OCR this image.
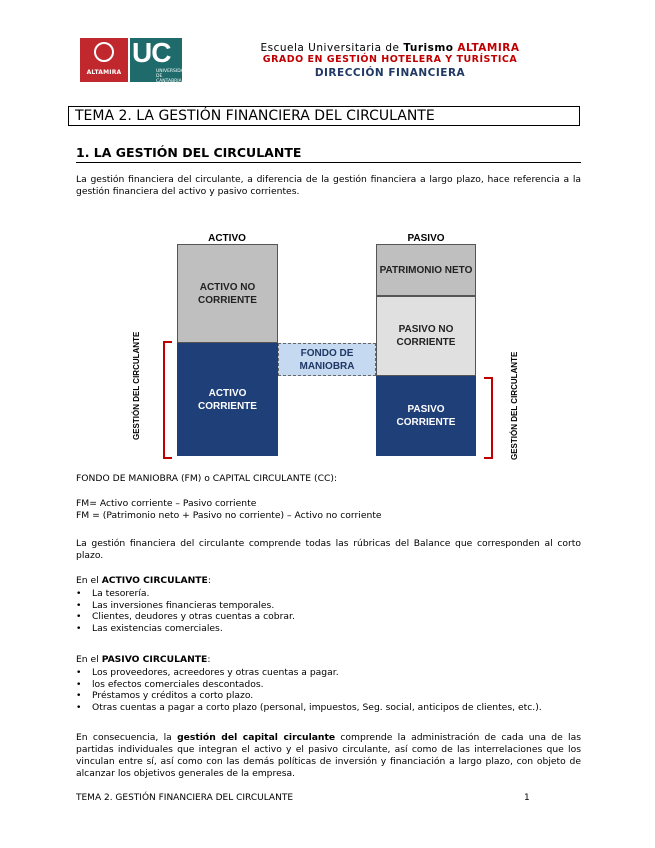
ALTAMIRA
UC
UNIVERSIDAD DE CANTABRIA
Escuela Universitaria de Turismo ALTAMIRA
GRADO EN GESTIÓN HOTELERA Y TURÍSTICA
DIRECCIÓN FINANCIERA
TEMA 2. LA GESTIÓN FINANCIERA DEL CIRCULANTE
1. LA GESTIÓN DEL CIRCULANTE
La gestión financiera del circulante, a diferencia de la gestión financiera a largo plazo, hace referencia a la gestión financiera del activo y pasivo corrientes.
ACTIVO	PASIVO
ACTIVO NO CORRIENTE
ACTIVO CORRIENTE
PATRIMONIO NETO
PASIVO NO CORRIENTE
PASIVO CORRIENTE
FONDO DE MANIOBRA
GESTIÓN DEL CIRCULANTE	GESTIÓN DEL CIRCULANTE
FONDO DE MANIOBRA (FM) o CAPITAL CIRCULANTE (CC):
FM= Activo corriente – Pasivo corriente
FM = (Patrimonio neto + Pasivo no corriente) – Activo no corriente
La gestión financiera del circulante comprende todas las rúbricas del Balance que corresponden al corto plazo.
En el ACTIVO CIRCULANTE:
• La tesorería.
• Las inversiones financieras temporales.
• Clientes, deudores y otras cuentas a cobrar.
• Las existencias comerciales.
En el PASIVO CIRCULANTE:
• Los proveedores, acreedores y otras cuentas a pagar.
• los efectos comerciales descontados.
• Préstamos y créditos a corto plazo.
• Otras cuentas a pagar a corto plazo (personal, impuestos, Seg. social, anticipos de clientes, etc.).
En consecuencia, la gestión del capital circulante comprende la administración de cada una de las partidas individuales que integran el activo y el pasivo circulante, así como de las interrelaciones que los vinculan entre sí, así como con las demás políticas de inversión y financiación a largo plazo, con objeto de alcanzar los objetivos generales de la empresa.
TEMA 2. GESTIÓN FINANCIERA DEL CIRCULANTE	1
